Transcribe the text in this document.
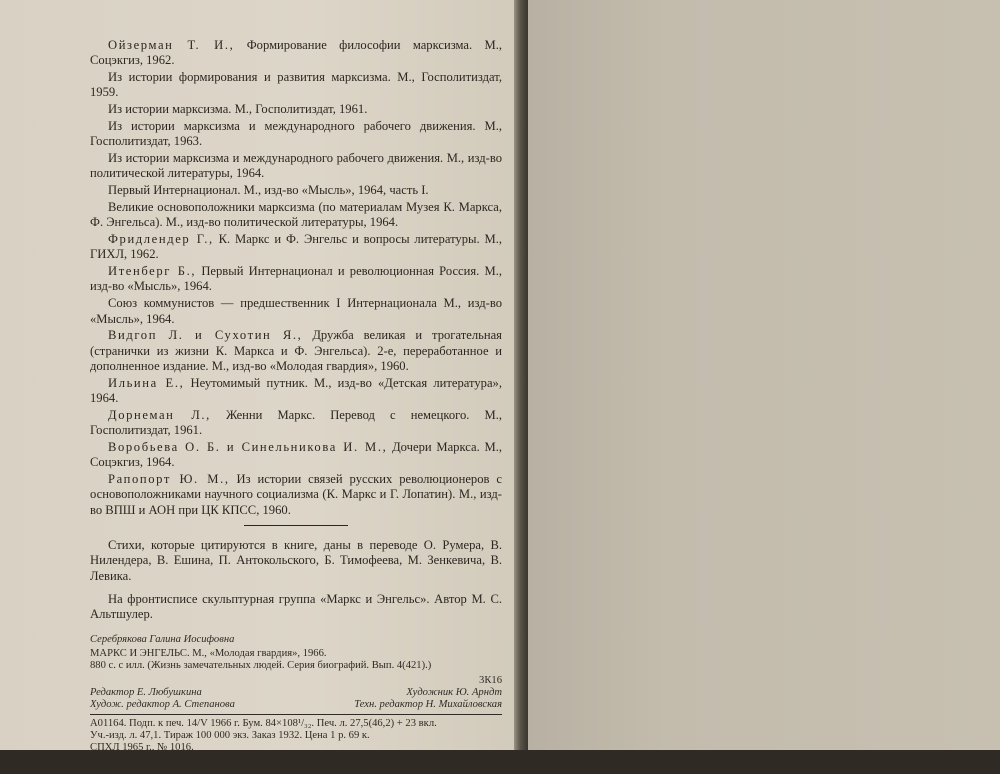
Ойзерман Т. И., Формирование философии марксизма. М., Соцэкгиз, 1962.

Из истории формирования и развития марксизма. М., Госполитиздат, 1959.

Из истории марксизма. М., Госполитиздат, 1961.

Из истории марксизма и международного рабочего движения. М., Госполитиздат, 1963.

Из истории марксизма и международного рабочего движения. М., изд-во политической литературы, 1964.

Первый Интернационал. М., изд-во «Мысль», 1964, часть I.

Великие основоположники марксизма (по материалам Музея К. Маркса, Ф. Энгельса). М., изд-во политической литературы, 1964.

Фридлендер Г., К. Маркс и Ф. Энгельс и вопросы литературы. М., ГИХЛ, 1962.

Итенберг Б., Первый Интернационал и революционная Россия. М., изд-во «Мысль», 1964.

Союз коммунистов — предшественник I Интернационала М., изд-во «Мысль», 1964.

Видгоп Л. и Сухотин Я., Дружба великая и трогательная (странички из жизни К. Маркса и Ф. Энгельса). 2-е, переработанное и дополненное издание. М., изд-во «Молодая гвардия», 1960.

Ильина Е., Неутомимый путник. М., изд-во «Детская литература», 1964.

Дорнеман Л., Женни Маркс. Перевод с немецкого. М., Госполитиздат, 1961.

Воробьева О. Б. и Синельникова И. М., Дочери Маркса. М., Соцэкгиз, 1964.

Рапопорт Ю. М., Из истории связей русских революционеров с основоположниками научного социализма (К. Маркс и Г. Лопатин). М., изд-во ВПШ и АОН при ЦК КПСС, 1960.

Стихи, которые цитируются в книге, даны в переводе О. Румера, В. Нилендера, В. Ешина, П. Антокольского, Б. Тимофеева, М. Зенкевича, В. Левика.

На фронтисписе скульптурная группа «Маркс и Энгельс». Автор М. С. Альтшулер.

Серебрякова Галина Иосифовна
МАРКС И ЭНГЕЛЬС. М., «Молодая гвардия», 1966.
880 с. с илл. (Жизнь замечательных людей. Серия биографий. Вып. 4(421).)
3К16
Редактор Е. Любушкина	Художник Ю. Арндт
Худож. редактор А. Степанова	Техн. редактор Н. Михайловская
А01164. Подп. к печ. 14/V 1966 г. Бум. 84×108¹/₃₂. Печ. л. 27,5(46,2) + 23 вкл.
Уч.-изд. л. 47,1. Тираж 100 000 экз. Заказ 1932. Цена 1 р. 69 к.
СПХЛ 1965 г., № 1016.
Типография «Красное знамя» изд-ва «Молодая гвардия». Москва, А-30, Сущевская, 21.
